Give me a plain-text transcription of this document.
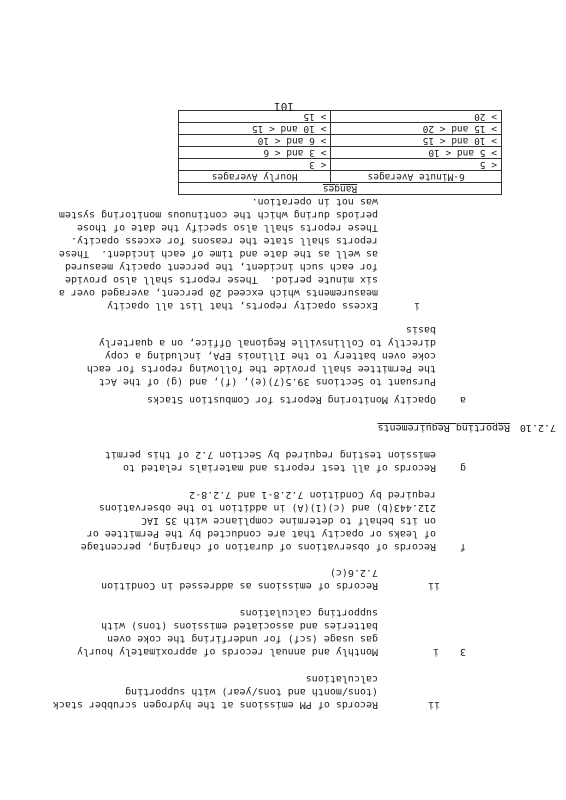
ii
Records of PM emissions at the hydrogen scrubber stack
(tons/month and tons/year) with supporting
calculations
3
i
Monthly and annual records of approximately hourly
gas usage (scf) for underfiring the coke oven
batteries and associated emissions (tons) with
supporting calculations
ii
Records of emissions as addressed in Condition
7.2.6(c)
f
Records of observations of duration of charging, percentage
of leaks or opacity that are conducted by the Permittee or
on its behalf to determine compliance with 35 IAC
212.443(b) and (c)(1)(A) in addition to the observations
required by Condition 7.2.8-1 and 7.2.8-2
g
Records of all test reports and materials related to
emission testing required by Section 7.2 of this permit
7.2.10
Reporting Requirements
a
Opacity Monitoring Reports for Combustion Stacks
Pursuant to Sections 39.5(7)(e), (f), and (g) of the Act
the Permittee shall provide the following reports for each
coke oven battery to the Illinois EPA, including a copy
directly to Collinsville Regional Office, on a quarterly
basis
i
Excess opacity reports, that list all opacity
measurements which exceed 20 percent, averaged over a
six minute period.  These reports shall also provide
for each such incident, the percent opacity measured
as well as the date and time of each incident.  These
reports shall state the reasons for excess opacity.
These reports shall also specify the date of those
periods during which the continuous monitoring system
was not in operation.
Ranges	
6-Minute Averages	Hourly Averages
< 5	< 3
> 5 and < 10	> 3 and < 6
> 10 and < 15	> 6 and < 10
> 15 and < 20	> 10 and < 15
> 20	> 15
101
